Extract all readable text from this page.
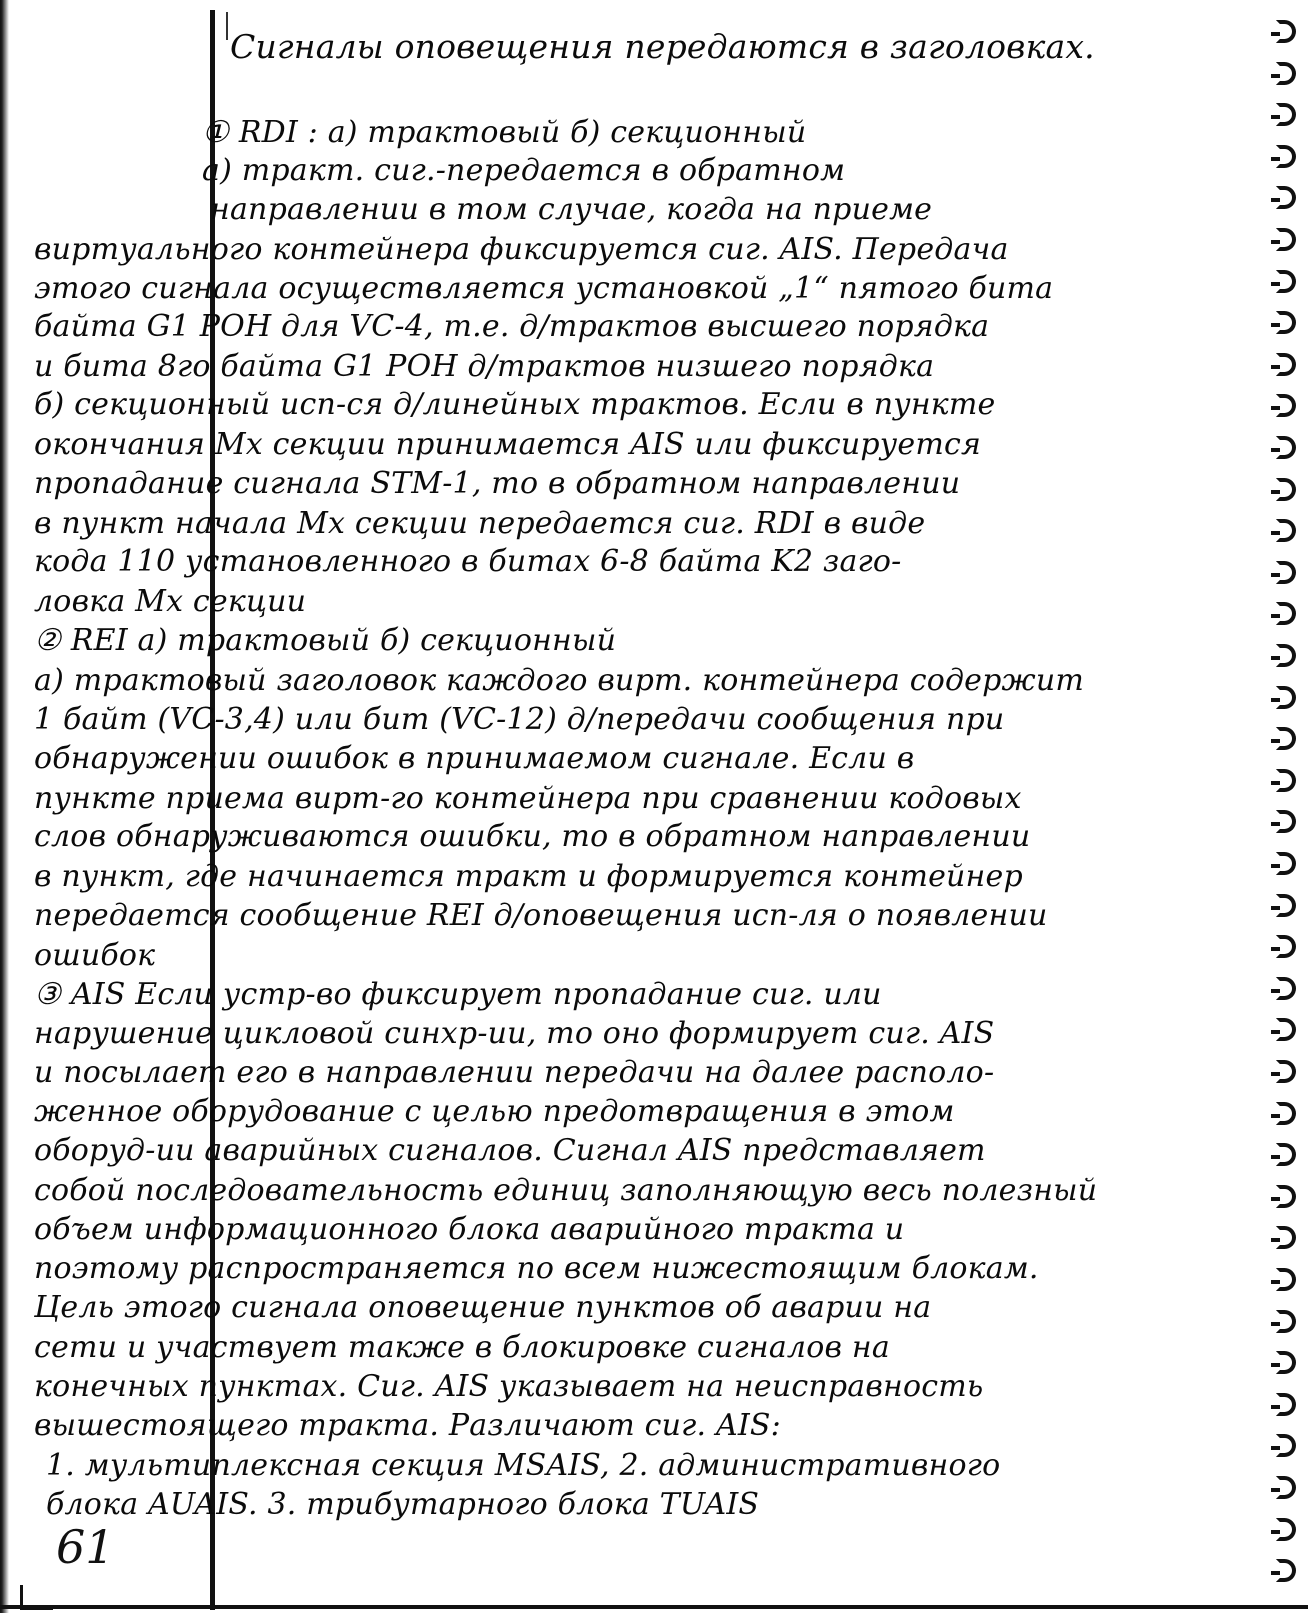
Сигналы оповещения передаются в заголовках.
① RDI : а) трактовый б) секционный
а) тракт. сиг.-передается в обратном
направлении в том случае, когда на приеме
виртуального контейнера фиксируется сиг. AIS. Передача
этого сигнала осуществляется установкой „1“ пятого бита
байта G1 POH для VC-4, т.е. д/трактов высшего порядка
и бита 8го байта G1 POH д/трактов низшего порядка
б) секционный исп-ся д/линейных трактов. Если в пункте
окончания Мх секции принимается AIS или фиксируется
пропадание сигнала STM-1, то в обратном направлении
в пункт начала Мх секции передается сиг. RDI в виде
кода 110 установленного в битах 6-8 байта K2 заго-
ловка Мх секции
② REI а) трактовый б) секционный
а) трактовый заголовок каждого вирт. контейнера содержит
1 байт (VC-3,4) или бит (VC-12) д/передачи сообщения при
обнаружении ошибок в принимаемом сигнале. Если в
пункте приема вирт-го контейнера при сравнении кодовых
слов обнаруживаются ошибки, то в обратном направлении
в пункт, где начинается тракт и формируется контейнер
передается сообщение REI д/оповещения исп-ля о появлении
ошибок
③ AIS Если устр-во фиксирует пропадание сиг. или
нарушение цикловой синхр-ии, то оно формирует сиг. AIS
и посылает его в направлении передачи на далее располо-
женное оборудование с целью предотвращения в этом
оборуд-ии аварийных сигналов. Сигнал AIS представляет
собой последовательность единиц заполняющую весь полезный
объем информационного блока аварийного тракта и
поэтому распространяется по всем нижестоящим блокам.
Цель этого сигнала оповещение пунктов об аварии на
сети и участвует также в блокировке сигналов на
конечных пунктах. Сиг. AIS указывает на неисправность
вышестоящего тракта. Различают сиг. AIS:
1. мультиплексная секция MSAIS, 2. административного
блока AUAIS. 3. трибутарного блока TUAIS
61
